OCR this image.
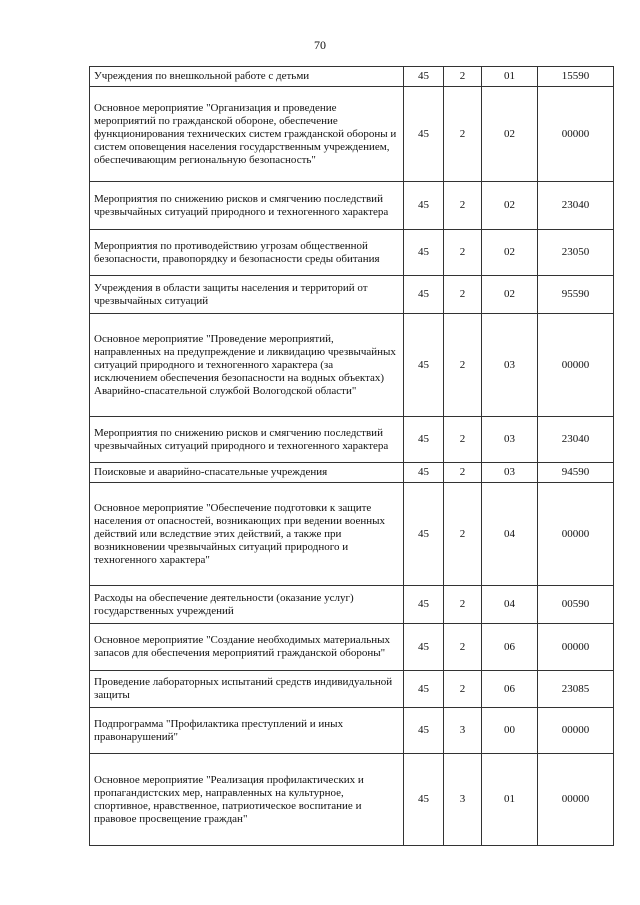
70
Учреждения по внешкольной работе с детьми	45	2	01	15590
Основное мероприятие "Организация и проведение мероприятий по гражданской обороне, обеспечение функционирования технических систем гражданской обороны и систем оповещения населения государственным учреждением, обеспечивающим региональную безопасность"	45	2	02	00000
Мероприятия по снижению рисков и смягчению последствий чрезвычайных ситуаций природного и техногенного характера	45	2	02	23040
Мероприятия по противодействию угрозам общественной безопасности, правопорядку и безопасности среды обитания	45	2	02	23050
Учреждения в области защиты населения и территорий от чрезвычайных ситуаций	45	2	02	95590
Основное мероприятие "Проведение мероприятий, направленных на предупреждение и ликвидацию чрезвычайных ситуаций природного и техногенного характера (за исключением обеспечения безопасности на водных объектах) Аварийно-спасательной службой Вологодской области"	45	2	03	00000
Мероприятия по снижению рисков и смягчению последствий чрезвычайных ситуаций природного и техногенного характера	45	2	03	23040
Поисковые и аварийно-спасательные учреждения	45	2	03	94590
Основное мероприятие "Обеспечение подготовки к защите населения от опасностей, возникающих при ведении военных действий или вследствие этих действий, а также при возникновении чрезвычайных ситуаций природного и техногенного характера"	45	2	04	00000
Расходы на обеспечение деятельности (оказание услуг) государственных учреждений	45	2	04	00590
Основное мероприятие "Создание необходимых материальных запасов для обеспечения мероприятий гражданской обороны"	45	2	06	00000
Проведение лабораторных испытаний средств индивидуальной защиты	45	2	06	23085
Подпрограмма "Профилактика преступлений и иных правонарушений"	45	3	00	00000
Основное мероприятие "Реализация профилактических и пропагандистских мер, направленных на культурное, спортивное, нравственное, патриотическое воспитание и правовое просвещение граждан"	45	3	01	00000
